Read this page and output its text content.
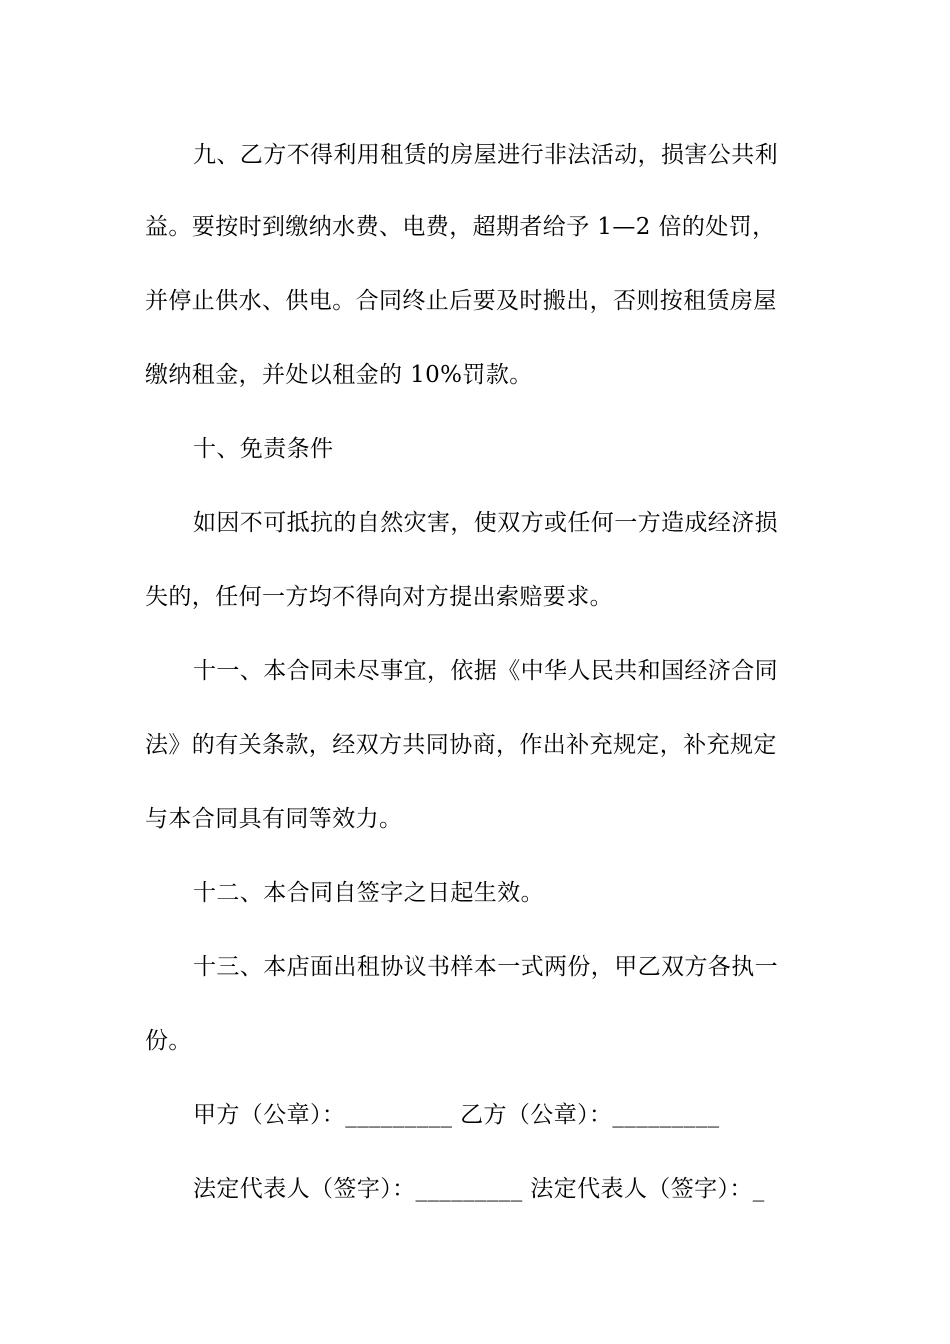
九、乙方不得利用租赁的房屋进行非法活动，损害公共利
益。要按时到缴纳水费、电费，超期者给予 1—2 倍的处罚，
并停止供水、供电。合同终止后要及时搬出，否则按租赁房屋
缴纳租金，并处以租金的 10%罚款。
十、免责条件
如因不可抵抗的自然灾害，使双方或任何一方造成经济损
失的，任何一方均不得向对方提出索赔要求。
十一、本合同未尽事宜，依据《中华人民共和国经济合同
法》的有关条款，经双方共同协商，作出补充规定，补充规定
与本合同具有同等效力。
十二、本合同自签字之日起生效。
十三、本店面出租协议书样本一式两份，甲乙双方各执一
份。
甲方（公章）：_________ 乙方（公章）：_________
法定代表人（签字）：_________ 法定代表人（签字）：_
